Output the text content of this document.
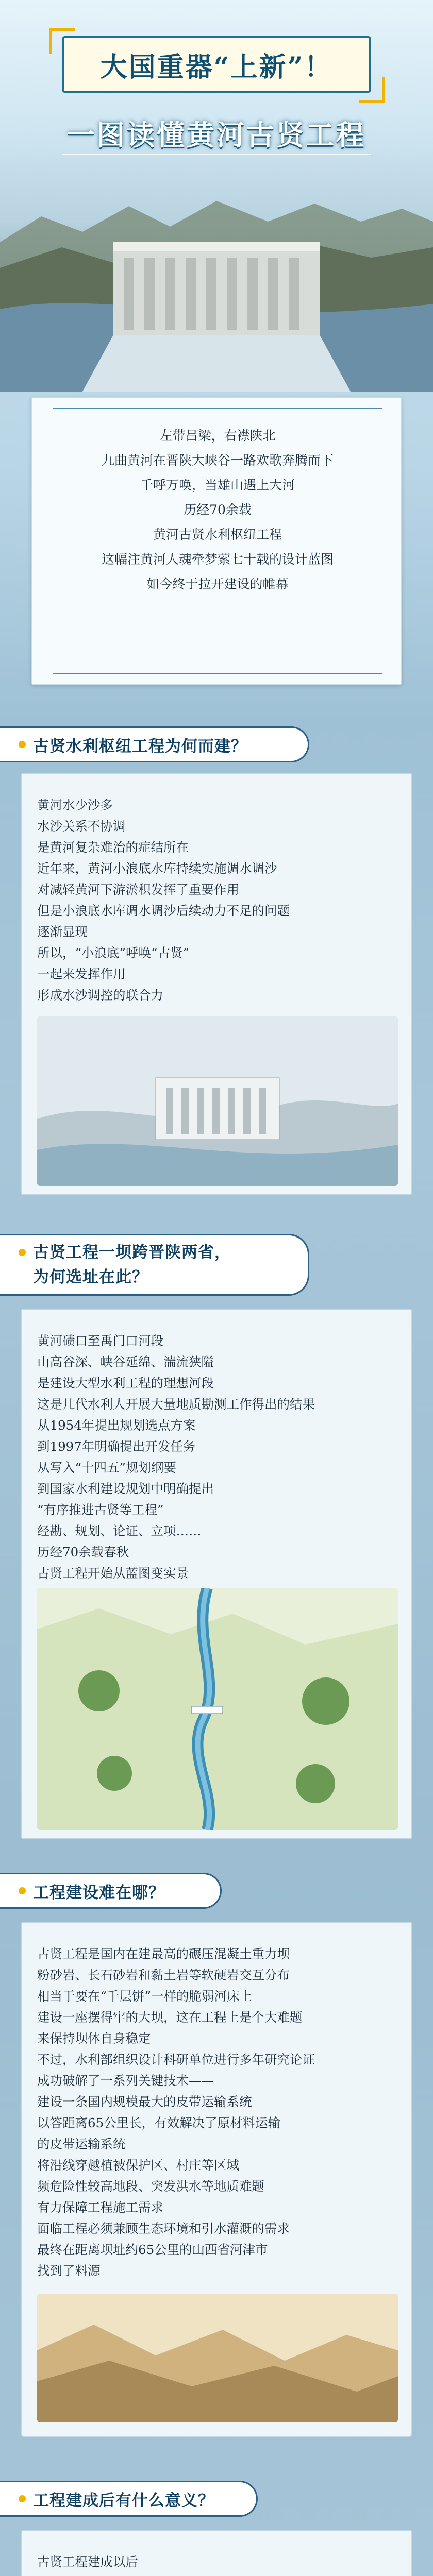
大国重器“上新”！
一图读懂黄河古贤工程
左带吕梁，右襟陕北
九曲黄河在晋陕大峡谷一路欢歌奔腾而下
千呼万唤，当雄山遇上大河
历经70余载
黄河古贤水利枢纽工程
这幅注黄河人魂牵梦萦七十载的设计蓝图
如今终于拉开建设的帷幕
古贤水利枢纽工程为何而建？
黄河水少沙多
水沙关系不协调
是黄河复杂难治的症结所在
近年来，黄河小浪底水库持续实施调水调沙
对减轻黄河下游淤积发挥了重要作用
但是小浪底水库调水调沙后续动力不足的问题
逐渐显现
所以，“小浪底”呼唤“古贤”
一起来发挥作用
形成水沙调控的联合力
古贤工程一坝跨晋陕两省，
为何选址在此？
黄河碛口至禹门口河段
山高谷深、峡谷延绵、湍流狭隘
是建设大型水利工程的理想河段
这是几代水利人开展大量地质勘测工作得出的结果
从1954年提出规划选点方案
到1997年明确提出开发任务
从写入“十四五”规划纲要
到国家水利建设规划中明确提出
“有序推进古贤等工程”
经勘、规划、论证、立项……
历经70余载春秋
古贤工程开始从蓝图变实景
工程建设难在哪？
古贤工程是国内在建最高的碾压混凝土重力坝
粉砂岩、长石砂岩和黏土岩等软硬岩交互分布
相当于要在“千层饼”一样的脆弱河床上
建设一座摆得牢的大坝，这在工程上是个大难题
来保持坝体自身稳定
不过，水利部组织设计科研单位进行多年研究论证
成功破解了一系列关键技术——
建设一条国内规模最大的皮带运输系统
以答距离65公里长，有效解决了原材料运输
的皮带运输系统
将沿线穿越植被保护区、村庄等区域
频危险性较高地段、突发洪水等地质难题
有力保障工程施工需求
面临工程必须兼顾生态环境和引水灌溉的需求
最终在距离坝址约65公里的山西省河津市
找到了料源
工程建成后有什么意义？
古贤工程建成以后
